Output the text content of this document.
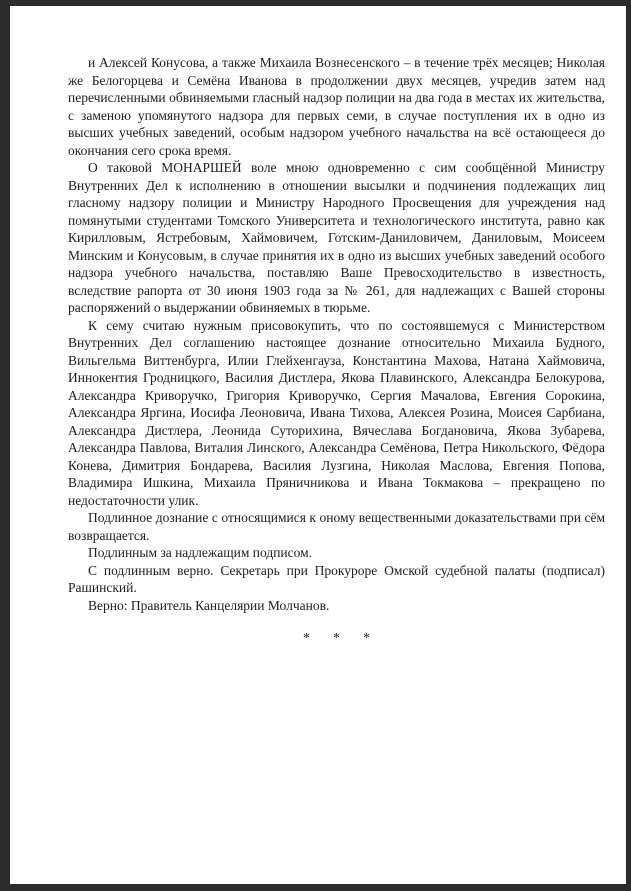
и Алексей Конусова, а также Михаила Вознесенского – в течение трёх месяцев; Николая же Белогорцева и Семёна Иванова в продолжении двух месяцев, учредив затем над перечисленными обвиняемыми гласный надзор полиции на два года в местах их жительства, с заменою упомянутого надзора для первых семи, в случае поступления их в одно из высших учебных заведений, особым надзором учебного начальства на всё остающееся до окончания сего срока время.

О таковой МОНАРШЕЙ воле мною одновременно с сим сообщённой Министру Внутренних Дел к исполнению в отношении высылки и подчинения подлежащих лиц гласному надзору полиции и Министру Народного Просвещения для учреждения над помянутыми студентами Томского Университета и технологического института, равно как Кирилловым, Ястребовым, Хаймовичем, Готским-Даниловичем, Даниловым, Моисеем Минским и Конусовым, в случае принятия их в одно из высших учебных заведений особого надзора учебного начальства, поставляю Ваше Превосходительство в известность, вследствие рапорта от 30 июня 1903 года за № 261, для надлежащих с Вашей стороны распоряжений о выдержании обвиняемых в тюрьме.

К сему считаю нужным присовокупить, что по состоявшемуся с Министерством Внутренних Дел соглашению настоящее дознание относительно Михаила Будного, Вильгельма Виттенбурга, Илии Глейхенгауза, Константина Махова, Натана Хаймовича, Иннокентия Гродницкого, Василия Дистлера, Якова Плавинского, Александра Белокурова, Александра Криворучко, Григория Криворучко, Сергия Мачалова, Евгения Сорокина, Александра Яргина, Иосифа Леоновича, Ивана Тихова, Алексея Розина, Моисея Сарбиана, Александра Дистлера, Леонида Суторихина, Вячеслава Богдановича, Якова Зубарева, Александра Павлова, Виталия Линского, Александра Семёнова, Петра Никольского, Фёдора Конева, Димитрия Бондарева, Василия Лузгина, Николая Маслова, Евгения Попова, Владимира Ишкина, Михаила Пряничникова и Ивана Токмакова – прекращено по недостаточности улик.

Подлинное дознание с относящимися к оному вещественными доказательствами при сём возвращается.

Подлинным за надлежащим подписом.

С подлинным верно. Секретарь при Прокуроре Омской судебной палаты (подписал) Рашинский.

Верно: Правитель Канцелярии Молчанов.

* * *
